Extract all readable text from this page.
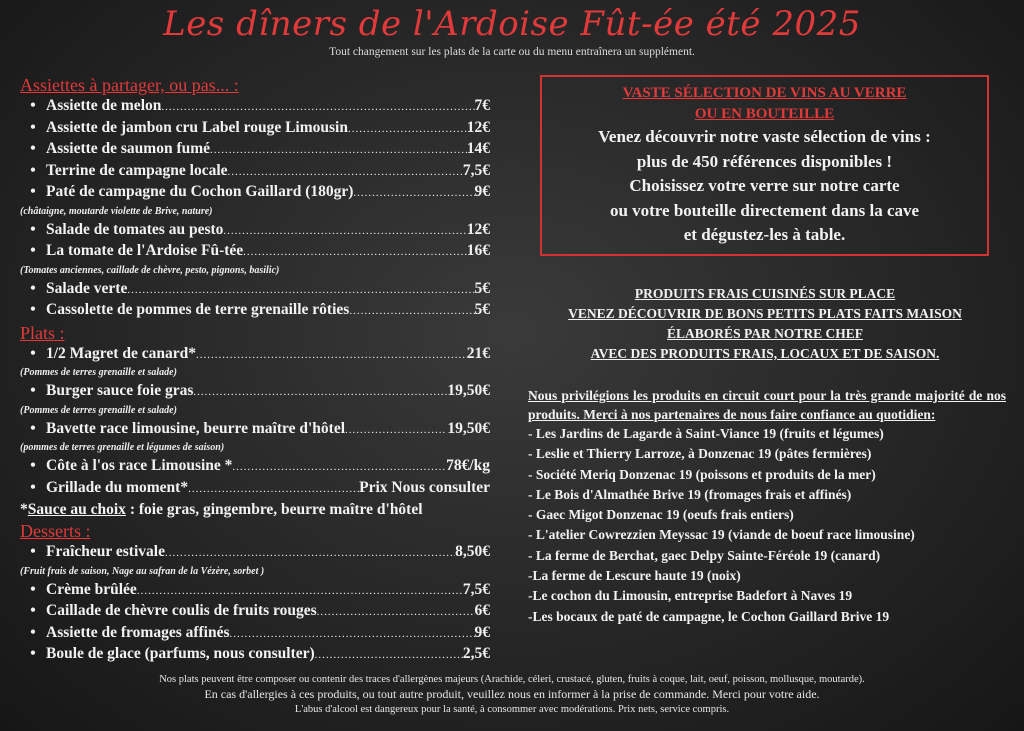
Les dîners de l'Ardoise Fût-ée été 2025
Tout changement sur les plats de la carte ou du menu entraînera un supplément.
Assiettes à partager, ou pas... :
• Assiette de melon .....	7€
• Assiette de jambon cru Label rouge Limousin .....	12€
• Assiette de saumon fumé .....	14€
• Terrine de campagne locale .....	7,5€
• Paté de campagne du Cochon Gaillard (180gr) .....	9€
(châtaigne, moutarde violette de Brive, nature)
• Salade de tomates au pesto .....	12€
• La tomate de l'Ardoise Fû-tée .....	16€
(Tomates anciennes, caillade de chèvre, pesto, pignons, basilic)
• Salade verte .....	5€
• Cassolette de pommes de terre grenaille rôties .....	5€
Plats :
• 1/2 Magret de canard* .....	21€
(Pommes de terres grenaille et salade)
• Burger sauce foie gras .....	19,50€
(Pommes de terres grenaille et salade)
• Bavette race limousine, beurre maître d'hôtel .....	19,50€
(pommes de terres grenaille et légumes de saison)
• Côte à l'os race Limousine * .....	78€/kg
• Grillade du moment* .....	Prix Nous consulter
*Sauce au choix : foie gras, gingembre, beurre maître d'hôtel
Desserts :
• Fraîcheur estivale .....	8,50€
(Fruit frais de saison, Nage au safran de la Vézère, sorbet )
• Crème brûlée .....	7,5€
• Caillade de chèvre coulis de fruits rouges .....	6€
• Assiette de fromages affinés .....	9€
• Boule de glace (parfums, nous consulter) .....	2,5€
VASTE SÉLECTION DE VINS AU VERRE
OU EN BOUTEILLE
Venez découvrir notre vaste sélection de vins :
plus de 450 références disponibles !
Choisissez votre verre sur notre carte
ou votre bouteille directement dans la cave
et dégustez-les à table.
PRODUITS FRAIS CUISINÉS SUR PLACE
VENEZ DÉCOUVRIR DE BONS PETITS PLATS FAITS MAISON
ÉLABORÉS PAR NOTRE CHEF
AVEC DES PRODUITS FRAIS, LOCAUX ET DE SAISON.
Nous privilégions les produits en circuit court pour la très grande majorité de nos produits. Merci à nos partenaires de nous faire confiance au quotidien:
- Les Jardins de Lagarde à Saint-Viance 19 (fruits et légumes)
- Leslie et Thierry Larroze, à Donzenac 19 (pâtes fermières)
- Société Meriq Donzenac 19 (poissons et produits de la mer)
- Le Bois d'Almathée Brive 19 (fromages frais et affinés)
- Gaec Migot Donzenac 19 (oeufs frais entiers)
- L'atelier Cowrezzien Meyssac 19 (viande de boeuf race limousine)
- La ferme de Berchat, gaec Delpy Sainte-Féréole 19 (canard)
-La ferme de Lescure haute 19 (noix)
-Le cochon du Limousin, entreprise Badefort à Naves 19
-Les bocaux de paté de campagne, le Cochon Gaillard Brive 19
Nos plats peuvent être composer ou contenir des traces d'allergènes majeurs (Arachide, céleri, crustacé, gluten, fruits à coque, lait, oeuf, poisson, mollusque, moutarde).
En cas d'allergies à ces produits, ou tout autre produit, veuillez nous en informer à la prise de commande. Merci pour votre aide.
L'abus d'alcool est dangereux pour la santé, à consommer avec modérations. Prix nets, service compris.
